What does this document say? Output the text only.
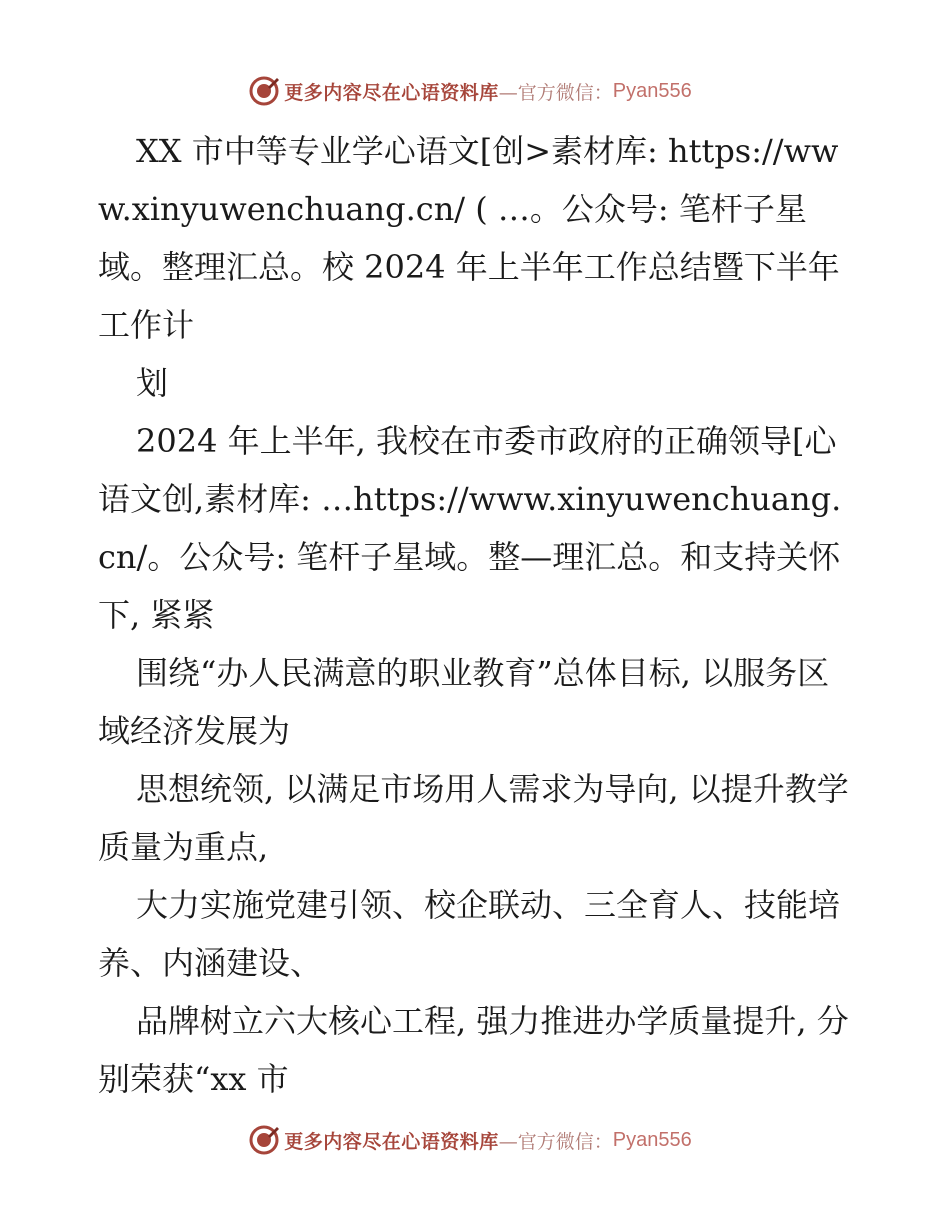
更多内容尽在心语资料库 —官方微信： Pyan556

XX 市中等专业学心语文[创>素材库: https://www.xinyuwenchuang.cn/ ( …。公众号: 笔杆子星域。整理汇总。校 2024 年上半年工作总结暨下半年工作计

划

2024 年上半年, 我校在市委市政府的正确领导[心语文创,素材库: …https://www.xinyuwenchuang.cn/。公众号: 笔杆子星域。整—理汇总。和支持关怀下, 紧紧

围绕“办人民满意的职业教育”总体目标, 以服务区域经济发展为

思想统领, 以满足市场用人需求为导向, 以提升教学质量为重点,

大力实施党建引领、校企联动、三全育人、技能培养、内涵建设、

品牌树立六大核心工程, 强力推进办学质量提升, 分别荣获“xx 市

更多内容尽在心语资料库 —官方微信： Pyan556
